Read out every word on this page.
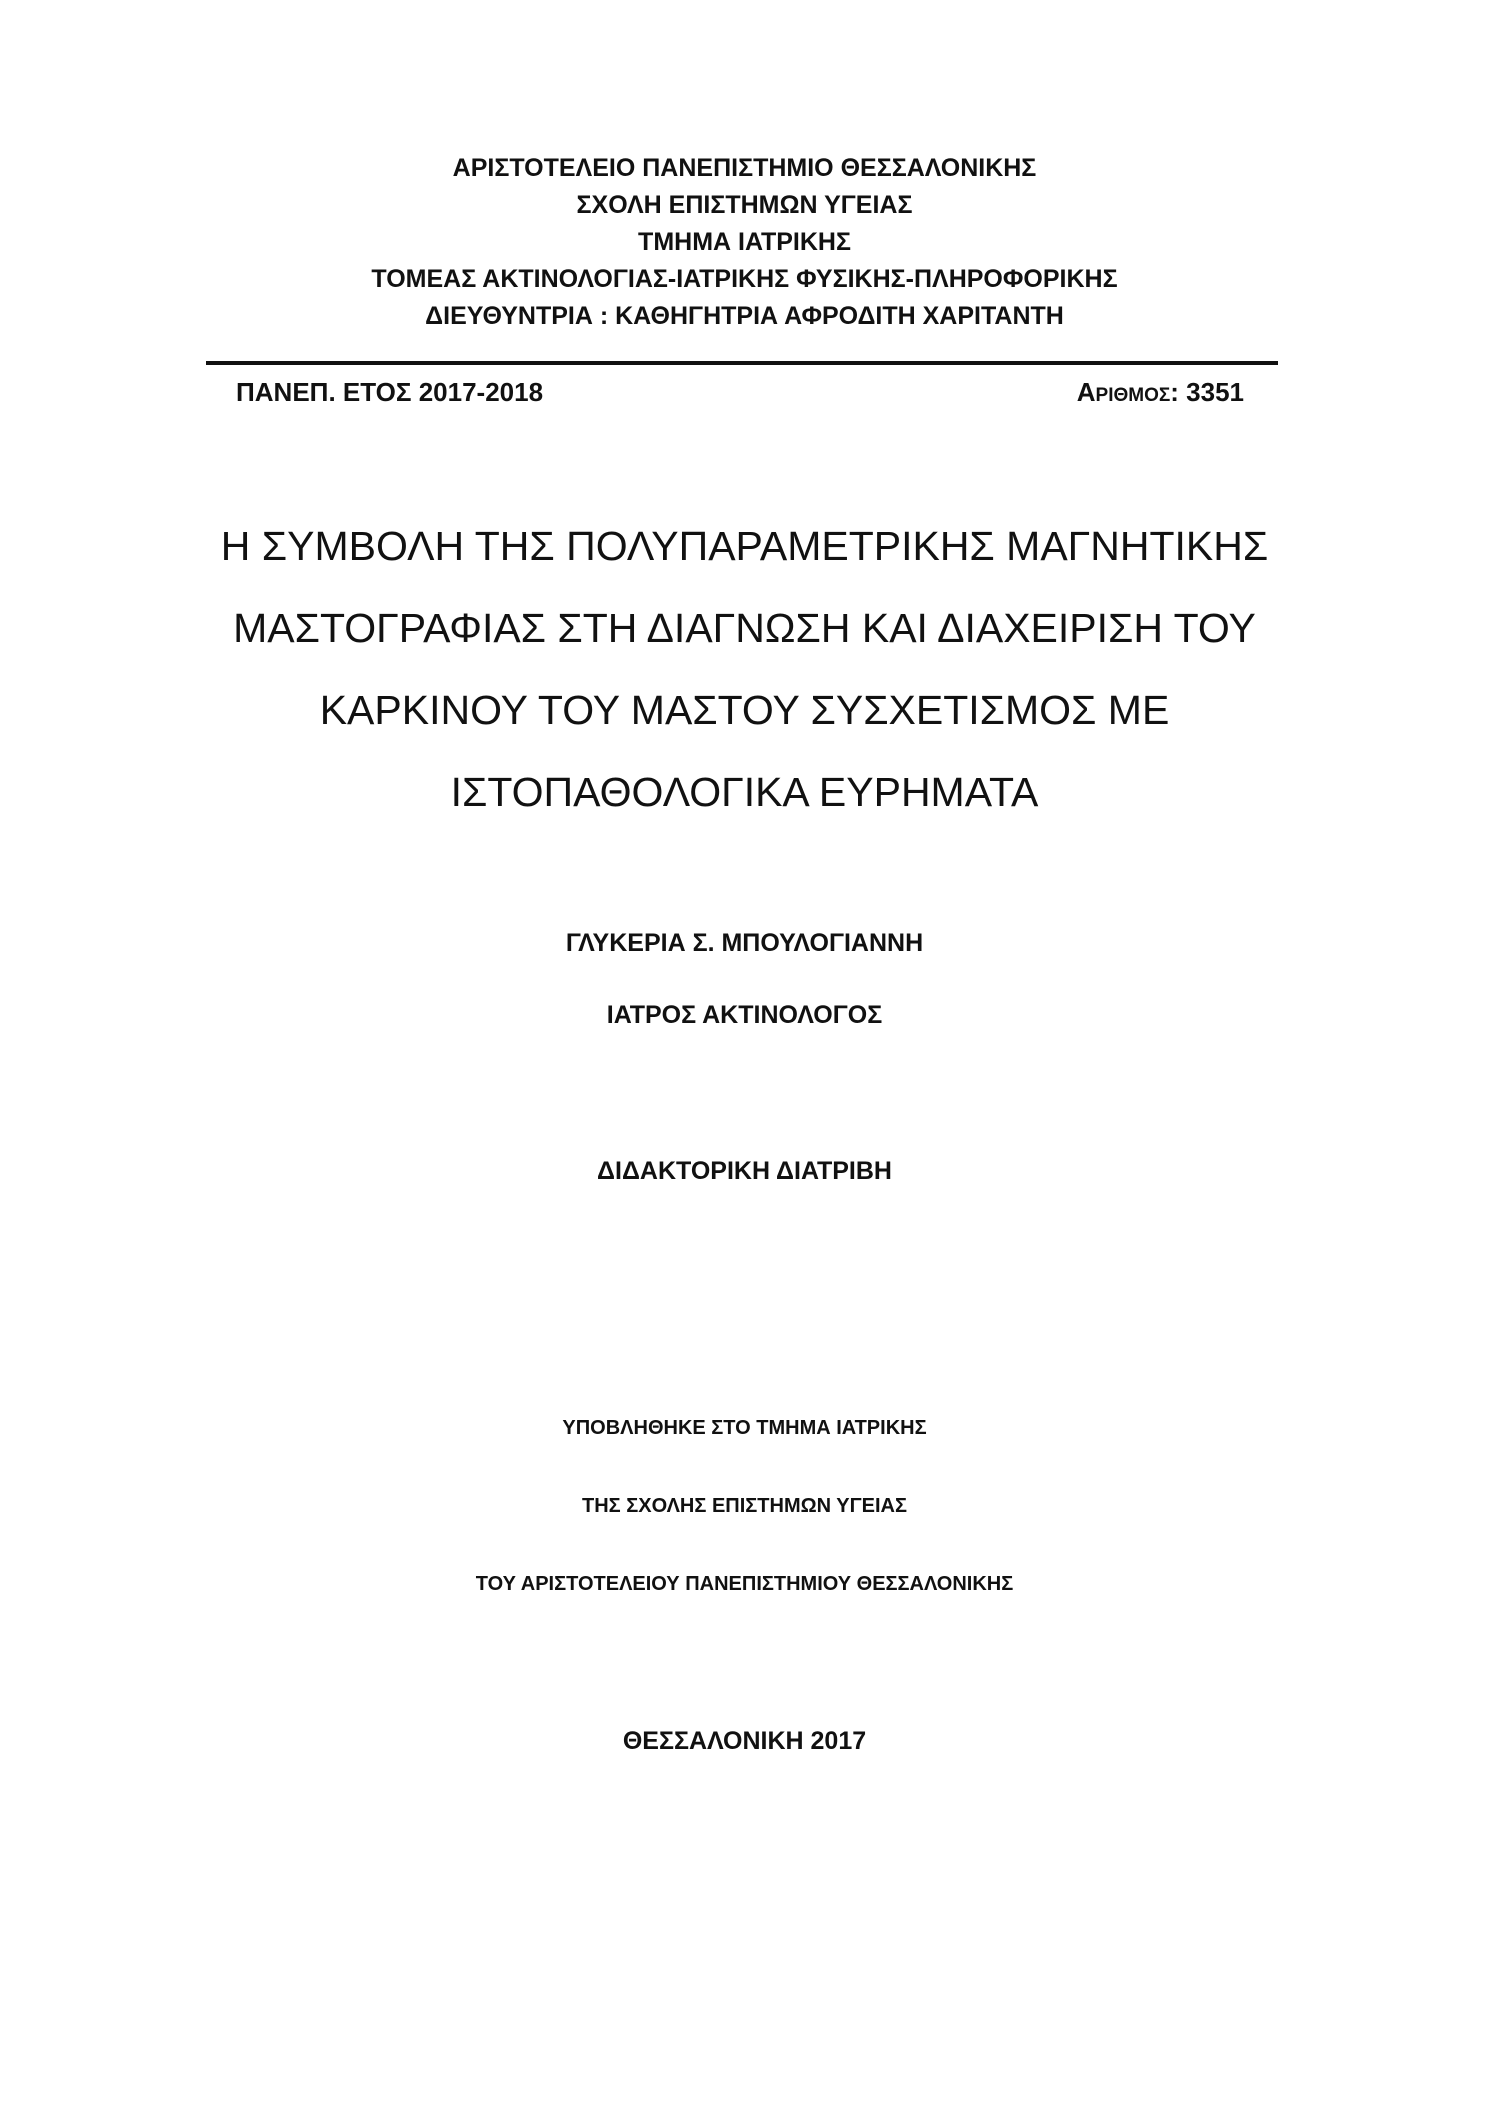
ΑΡΙΣΤΟΤΕΛΕΙΟ ΠΑΝΕΠΙΣΤΗΜΙΟ ΘΕΣΣΑΛΟΝΙΚΗΣ
ΣΧΟΛΗ ΕΠΙΣΤΗΜΩΝ ΥΓΕΙΑΣ
ΤΜΗΜΑ ΙΑΤΡΙΚΗΣ
ΤΟΜΕΑΣ ΑΚΤΙΝΟΛΟΓΙΑΣ-ΙΑΤΡΙΚΗΣ ΦΥΣΙΚΗΣ-ΠΛΗΡΟΦΟΡΙΚΗΣ
ΔΙΕΥΘΥΝΤΡΙΑ : ΚΑΘΗΓΗΤΡΙΑ ΑΦΡΟΔΙΤΗ ΧΑΡΙΤΑΝΤΗ
ΠΑΝΕΠ. ΕΤΟΣ 2017-2018	ΑΡΙΘΜΟΣ: 3351
Η ΣΥΜΒΟΛΗ ΤΗΣ ΠΟΛΥΠΑΡΑΜΕΤΡΙΚΗΣ ΜΑΓΝΗΤΙΚΗΣ
ΜΑΣΤΟΓΡΑΦΙΑΣ ΣΤΗ ΔΙΑΓΝΩΣΗ ΚΑΙ ΔΙΑΧΕΙΡΙΣΗ ΤΟΥ
ΚΑΡΚΙΝΟΥ ΤΟΥ ΜΑΣΤΟΥ ΣΥΣΧΕΤΙΣΜΟΣ ΜΕ
ΙΣΤΟΠΑΘΟΛΟΓΙΚΑ ΕΥΡΗΜΑΤΑ
ΓΛΥΚΕΡΙΑ Σ. ΜΠΟΥΛΟΓΙΑΝΝΗ
ΙΑΤΡΟΣ ΑΚΤΙΝΟΛΟΓΟΣ
ΔΙΔΑΚΤΟΡΙΚΗ ΔΙΑΤΡΙΒΗ
ΥΠΟΒΛΗΘΗΚΕ ΣΤΟ ΤΜΗΜΑ ΙΑΤΡΙΚΗΣ
ΤΗΣ ΣΧΟΛΗΣ ΕΠΙΣΤΗΜΩΝ ΥΓΕΙΑΣ
ΤΟΥ ΑΡΙΣΤΟΤΕΛΕΙΟΥ ΠΑΝΕΠΙΣΤΗΜΙΟΥ ΘΕΣΣΑΛΟΝΙΚΗΣ
ΘΕΣΣΑΛΟΝΙΚΗ 2017
